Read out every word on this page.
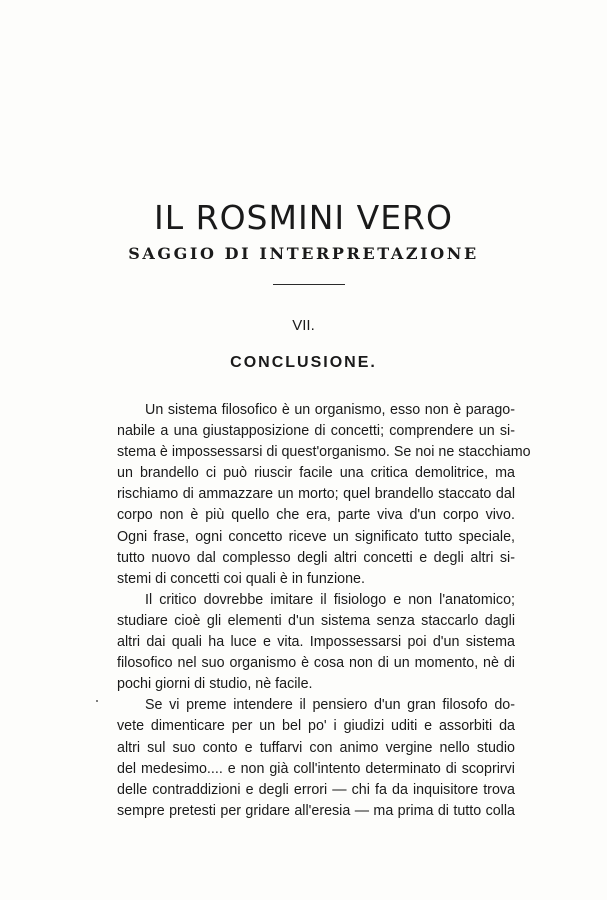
IL ROSMINI VERO
SAGGIO DI INTERPRETAZIONE
VII.
CONCLUSIONE.
Un sistema filosofico è un organismo, esso non è parago-
nabile a una giustapposizione di concetti; comprendere un si-
stema è impossessarsi di quest'organismo. Se noi ne stacchiamo
un brandello ci può riuscir facile una critica demolitrice, ma
rischiamo di ammazzare un morto; quel brandello staccato dal
corpo non è più quello che era, parte viva d'un corpo vivo.
Ogni frase, ogni concetto riceve un significato tutto speciale,
tutto nuovo dal complesso degli altri concetti e degli altri si-
stemi di concetti coi quali è in funzione.
Il critico dovrebbe imitare il fisiologo e non l'anatomico;
studiare cioè gli elementi d'un sistema senza staccarlo dagli
altri dai quali ha luce e vita. Impossessarsi poi d'un sistema
filosofico nel suo organismo è cosa non di un momento, nè di
pochi giorni di studio, nè facile.
Se vi preme intendere il pensiero d'un gran filosofo do-
vete dimenticare per un bel po' i giudizi uditi e assorbiti da
altri sul suo conto e tuffarvi con animo vergine nello studio
del medesimo.... e non già coll'intento determinato di scoprirvi
delle contraddizioni e degli errori — chi fa da inquisitore trova
sempre pretesti per gridare all'eresia — ma prima di tutto colla
